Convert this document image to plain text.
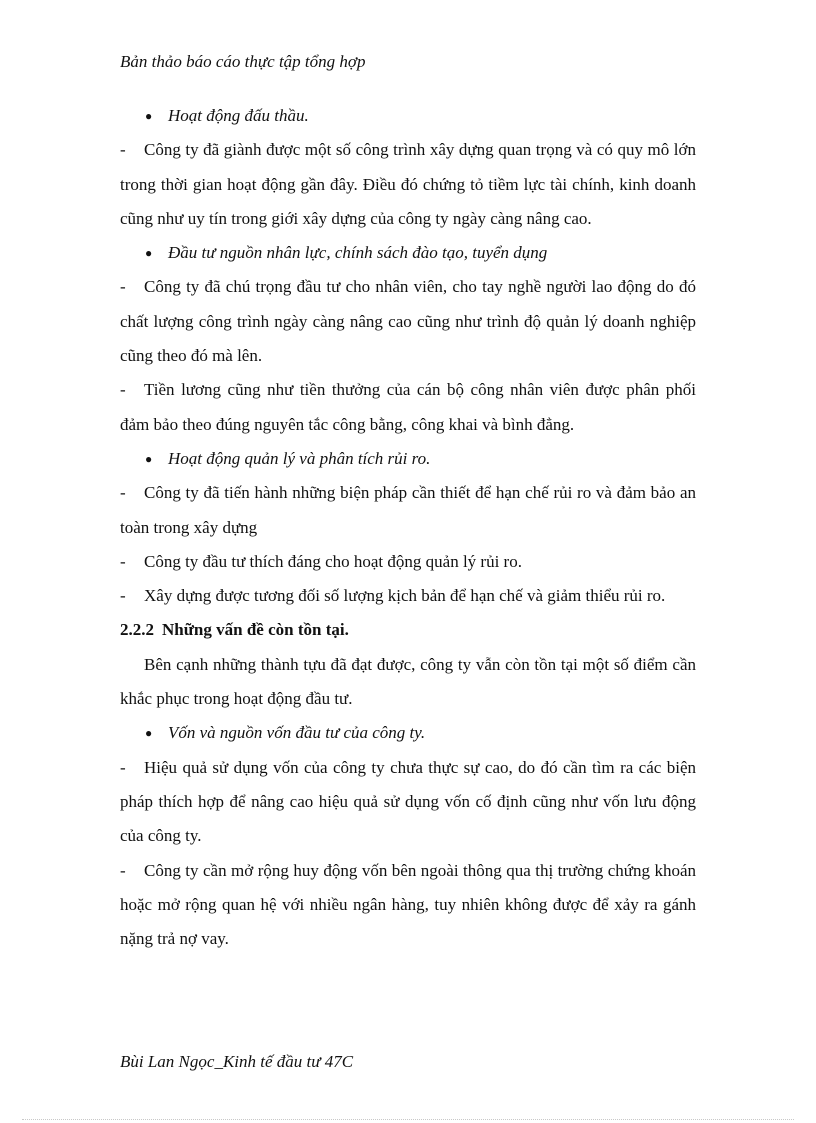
Bản thảo báo cáo thực tập tổng hợp
● Hoạt động đấu thầu.
- Công ty đã giành được một số công trình xây dựng quan trọng và có quy mô lớn trong thời gian hoạt động gần đây. Điều đó chứng tỏ tiềm lực tài chính, kinh doanh cũng như uy tín trong giới xây dựng của công ty ngày càng nâng cao.
● Đầu tư nguồn nhân lực, chính sách đào tạo, tuyển dụng
- Công ty đã chú trọng đầu tư cho nhân viên, cho tay nghề người lao động do đó chất lượng công trình ngày càng nâng cao cũng như trình độ quản lý doanh nghiệp cũng theo đó mà lên.
- Tiền lương cũng như tiền thưởng của cán bộ công nhân viên được phân phối đảm bảo theo đúng nguyên tắc công bằng, công khai và bình đẳng.
● Hoạt động quản lý và phân tích rủi ro.
- Công ty đã tiến hành những biện pháp cần thiết để hạn chế rủi ro và đảm bảo an toàn trong xây dựng
- Công ty đầu tư thích đáng cho hoạt động quản lý rủi ro.
- Xây dựng được tương đối số lượng kịch bản để hạn chế và giảm thiểu rủi ro.
2.2.2 Những vấn đề còn tồn tại.
Bên cạnh những thành tựu đã đạt được, công ty vẫn còn tồn tại một số điểm cần khắc phục trong hoạt động đầu tư.
● Vốn và nguồn vốn đầu tư của công ty.
- Hiệu quả sử dụng vốn của công ty chưa thực sự cao, do đó cần tìm ra các biện pháp thích hợp để nâng cao hiệu quả sử dụng vốn cố định cũng như vốn lưu động của công ty.
- Công ty cần mở rộng huy động vốn bên ngoài thông qua thị trường chứng khoán hoặc mở rộng quan hệ với nhiều ngân hàng, tuy nhiên không được để xảy ra gánh nặng trả nợ vay.
Bùi Lan Ngọc_Kinh tế đầu tư 47C
